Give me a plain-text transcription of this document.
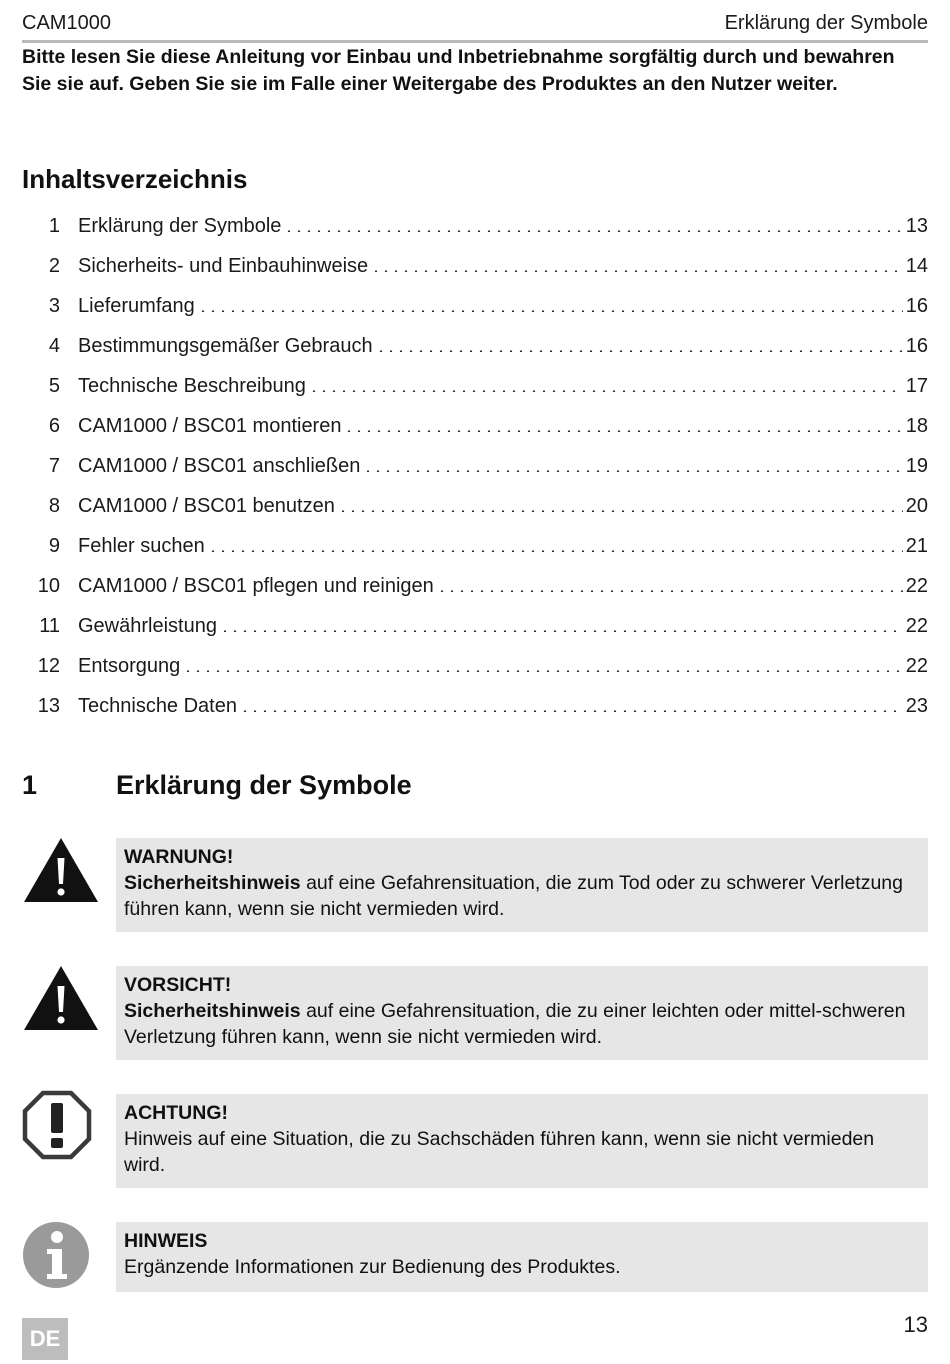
CAM1000	Erklärung der Symbole
Bitte lesen Sie diese Anleitung vor Einbau und Inbetriebnahme sorgfältig durch und bewahren Sie sie auf. Geben Sie sie im Falle einer Weitergabe des Produktes an den Nutzer weiter.
Inhaltsverzeichnis
1 Erklärung der Symbole	13
2 Sicherheits- und Einbauhinweise	14
3 Lieferumfang	16
4 Bestimmungsgemäßer Gebrauch	16
5 Technische Beschreibung	17
6 CAM1000 / BSC01 montieren	18
7 CAM1000 / BSC01 anschließen	19
8 CAM1000 / BSC01 benutzen	20
9 Fehler suchen	21
10 CAM1000 / BSC01 pflegen und reinigen	22
11 Gewährleistung	22
12 Entsorgung	22
13 Technische Daten	23
1	Erklärung der Symbole
WARNUNG!
Sicherheitshinweis auf eine Gefahrensituation, die zum Tod oder zu schwerer Verletzung führen kann, wenn sie nicht vermieden wird.
VORSICHT!
Sicherheitshinweis auf eine Gefahrensituation, die zu einer leichten oder mittel-schweren Verletzung führen kann, wenn sie nicht vermieden wird.
ACHTUNG!
Hinweis auf eine Situation, die zu Sachschäden führen kann, wenn sie nicht vermieden wird.
HINWEIS
Ergänzende Informationen zur Bedienung des Produktes.
DE
13
